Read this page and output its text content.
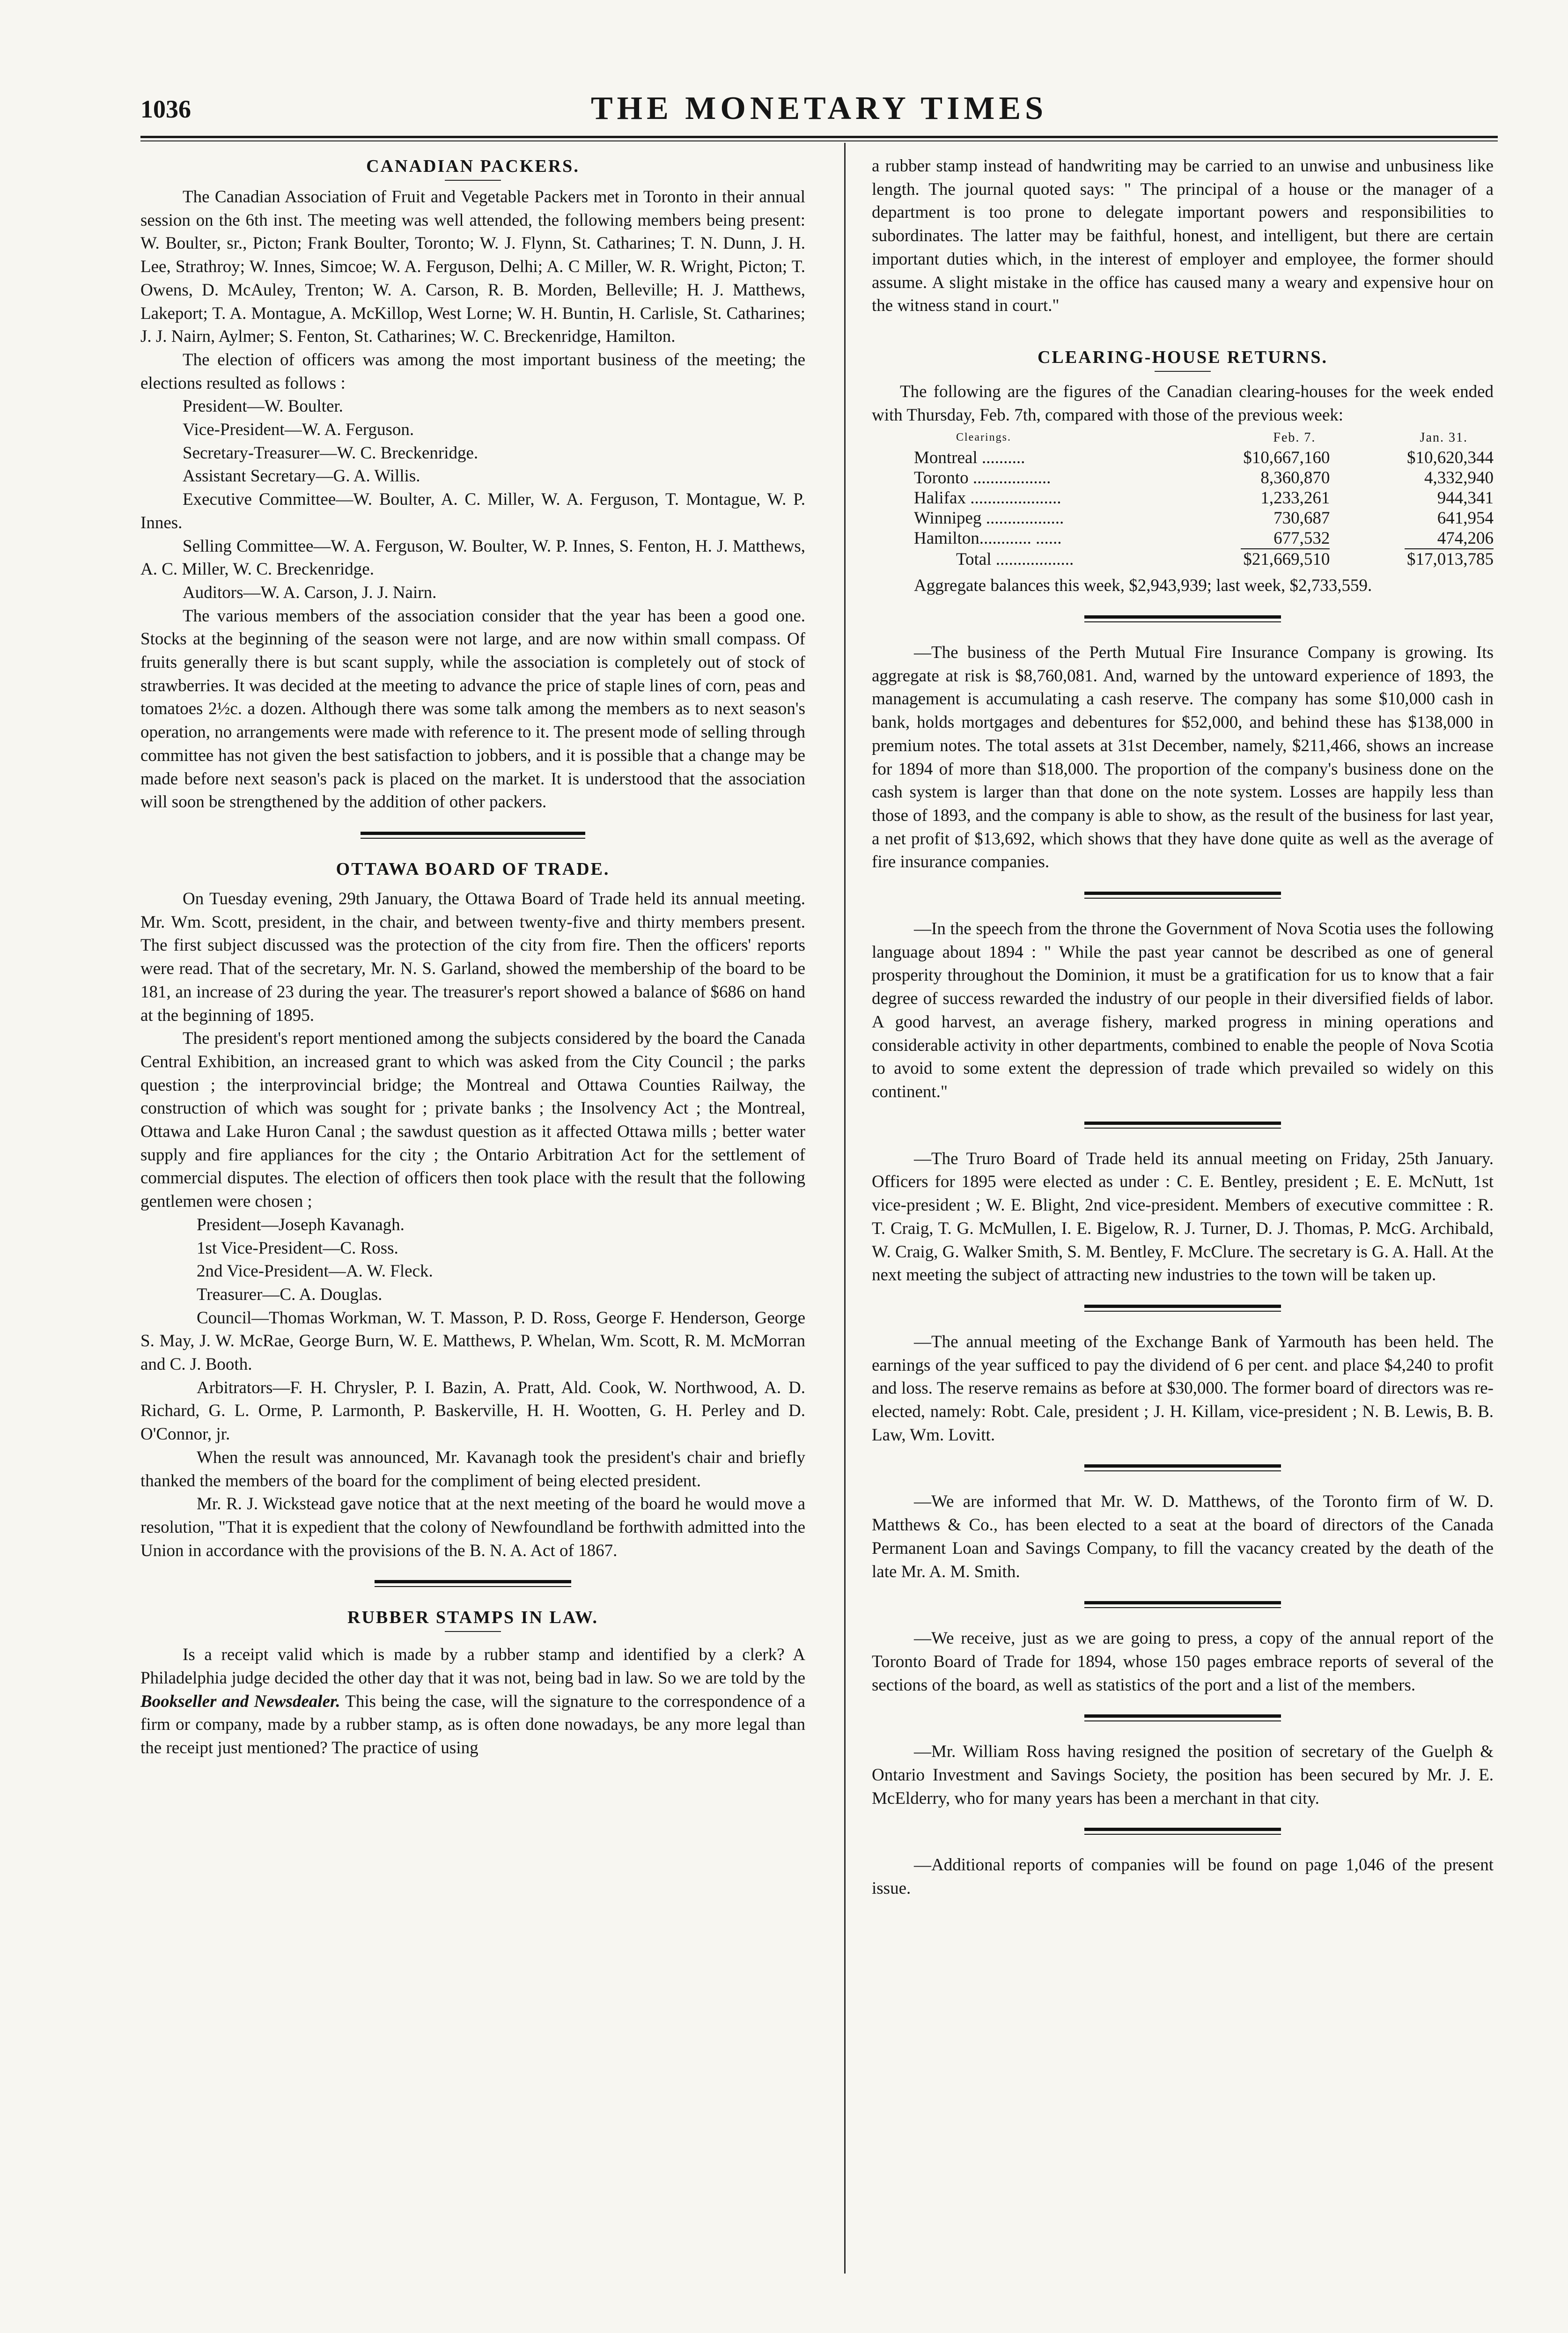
1036	THE MONETARY TIMES
CANADIAN PACKERS.

The Canadian Association of Fruit and Vegetable Packers met in Toronto in their annual session on the 6th inst. The meeting was well attended, the following members being present: W. Boulter, sr., Picton; Frank Boulter, Toronto; W. J. Flynn, St. Catharines; T. N. Dunn, J. H. Lee, Strathroy; W. Innes, Simcoe; W. A. Ferguson, Delhi; A. C Miller, W. R. Wright, Picton; T. Owens, D. McAuley, Trenton; W. A. Carson, R. B. Morden, Belleville; H. J. Matthews, Lakeport; T. A. Montague, A. McKillop, West Lorne; W. H. Buntin, H. Carlisle, St. Catharines; J. J. Nairn, Aylmer; S. Fenton, St. Catharines; W. C. Breckenridge, Hamilton.

The election of officers was among the most important business of the meeting; the elections resulted as follows :

President—W. Boulter.
Vice-President—W. A. Ferguson.
Secretary-Treasurer—W. C. Breckenridge.
Assistant Secretary—G. A. Willis.

Executive Committee—W. Boulter, A. C. Miller, W. A. Ferguson, T. Montague, W. P. Innes.

Selling Committee—W. A. Ferguson, W. Boulter, W. P. Innes, S. Fenton, H. J. Matthews, A. C. Miller, W. C. Breckenridge.

Auditors—W. A. Carson, J. J. Nairn.

The various members of the association consider that the year has been a good one. Stocks at the beginning of the season were not large, and are now within small compass. Of fruits generally there is but scant supply, while the association is completely out of stock of strawberries. It was decided at the meeting to advance the price of staple lines of corn, peas and tomatoes 2½c. a dozen. Although there was some talk among the members as to next season's operation, no arrangements were made with reference to it. The present mode of selling through committee has not given the best satisfaction to jobbers, and it is possible that a change may be made before next season's pack is placed on the market. It is understood that the association will soon be strengthened by the addition of other packers.

OTTAWA BOARD OF TRADE.

On Tuesday evening, 29th January, the Ottawa Board of Trade held its annual meeting. Mr. Wm. Scott, president, in the chair, and between twenty-five and thirty members present. The first subject discussed was the protection of the city from fire. Then the officers' reports were read. That of the secretary, Mr. N. S. Garland, showed the membership of the board to be 181, an increase of 23 during the year. The treasurer's report showed a balance of $686 on hand at the beginning of 1895.

The president's report mentioned among the subjects considered by the board the Canada Central Exhibition, an increased grant to which was asked from the City Council ; the parks question ; the interprovincial bridge; the Montreal and Ottawa Counties Railway, the construction of which was sought for ; private banks ; the Insolvency Act ; the Montreal, Ottawa and Lake Huron Canal ; the sawdust question as it affected Ottawa mills ; better water supply and fire appliances for the city ; the Ontario Arbitration Act for the settlement of commercial disputes. The election of officers then took place with the result that the following gentlemen were chosen ;

President—Joseph Kavanagh.
1st Vice-President—C. Ross.
2nd Vice-President—A. W. Fleck.
Treasurer—C. A. Douglas.

Council—Thomas Workman, W. T. Masson, P. D. Ross, George F. Henderson, George S. May, J. W. McRae, George Burn, W. E. Matthews, P. Whelan, Wm. Scott, R. M. McMorran and C. J. Booth.

Arbitrators—F. H. Chrysler, P. I. Bazin, A. Pratt, Ald. Cook, W. Northwood, A. D. Richard, G. L. Orme, P. Larmonth, P. Baskerville, H. H. Wootten, G. H. Perley and D. O'Connor, jr.

When the result was announced, Mr. Kavanagh took the president's chair and briefly thanked the members of the board for the compliment of being elected president.

Mr. R. J. Wickstead gave notice that at the next meeting of the board he would move a resolution, "That it is expedient that the colony of Newfoundland be forthwith admitted into the Union in accordance with the provisions of the B. N. A. Act of 1867.

RUBBER STAMPS IN LAW.

Is a receipt valid which is made by a rubber stamp and identified by a clerk? A Philadelphia judge decided the other day that it was not, being bad in law. So we are told by the Bookseller and Newsdealer. This being the case, will the signature to the correspondence of a firm or company, made by a rubber stamp, as is often done nowadays, be any more legal than the receipt just mentioned? The practice of using

a rubber stamp instead of handwriting may be carried to an unwise and unbusiness like length. The journal quoted says: " The principal of a house or the manager of a department is too prone to delegate important powers and responsibilities to subordinates. The latter may be faithful, honest, and intelligent, but there are certain important duties which, in the interest of employer and employee, the former should assume. A slight mistake in the office has caused many a weary and expensive hour on the witness stand in court."

CLEARING-HOUSE RETURNS.

The following are the figures of the Canadian clearing-houses for the week ended with Thursday, Feb. 7th, compared with those of the previous week:

Clearings.	Feb. 7.	Jan. 31.
Montreal ..........	$10,667,160	$10,620,344
Toronto ..................	8,360,870	4,332,940
Halifax .....................	1,233,261	944,341
Winnipeg ..................	730,687	641,954
Hamilton............ ......	677,532	474,206

Total ..................	$21,669,510	$17,013,785
Aggregate balances this week, $2,943,939; last week, $2,733,559.

—The business of the Perth Mutual Fire Insurance Company is growing. Its aggregate at risk is $8,760,081. And, warned by the untoward experience of 1893, the management is accumulating a cash reserve. The company has some $10,000 cash in bank, holds mortgages and debentures for $52,000, and behind these has $138,000 in premium notes. The total assets at 31st December, namely, $211,466, shows an increase for 1894 of more than $18,000. The proportion of the company's business done on the cash system is larger than that done on the note system. Losses are happily less than those of 1893, and the company is able to show, as the result of the business for last year, a net profit of $13,692, which shows that they have done quite as well as the average of fire insurance companies.

—In the speech from the throne the Government of Nova Scotia uses the following language about 1894 : " While the past year cannot be described as one of general prosperity throughout the Dominion, it must be a gratification for us to know that a fair degree of success rewarded the industry of our people in their diversified fields of labor. A good harvest, an average fishery, marked progress in mining operations and considerable activity in other departments, combined to enable the people of Nova Scotia to avoid to some extent the depression of trade which prevailed so widely on this continent."

—The Truro Board of Trade held its annual meeting on Friday, 25th January. Officers for 1895 were elected as under : C. E. Bentley, president ; E. E. McNutt, 1st vice-president ; W. E. Blight, 2nd vice-president. Members of executive committee : R. T. Craig, T. G. McMullen, I. E. Bigelow, R. J. Turner, D. J. Thomas, P. McG. Archibald, W. Craig, G. Walker Smith, S. M. Bentley, F. McClure. The secretary is G. A. Hall. At the next meeting the subject of attracting new industries to the town will be taken up.

—The annual meeting of the Exchange Bank of Yarmouth has been held. The earnings of the year sufficed to pay the dividend of 6 per cent. and place $4,240 to profit and loss. The reserve remains as before at $30,000. The former board of directors was re-elected, namely: Robt. Cale, president ; J. H. Killam, vice-president ; N. B. Lewis, B. B. Law, Wm. Lovitt.

—We are informed that Mr. W. D. Matthews, of the Toronto firm of W. D. Matthews & Co., has been elected to a seat at the board of directors of the Canada Permanent Loan and Savings Company, to fill the vacancy created by the death of the late Mr. A. M. Smith.

—We receive, just as we are going to press, a copy of the annual report of the Toronto Board of Trade for 1894, whose 150 pages embrace reports of several of the sections of the board, as well as statistics of the port and a list of the members.

—Mr. William Ross having resigned the position of secretary of the Guelph & Ontario Investment and Savings Society, the position has been secured by Mr. J. E. McElderry, who for many years has been a merchant in that city.

—Additional reports of companies will be found on page 1,046 of the present issue.
